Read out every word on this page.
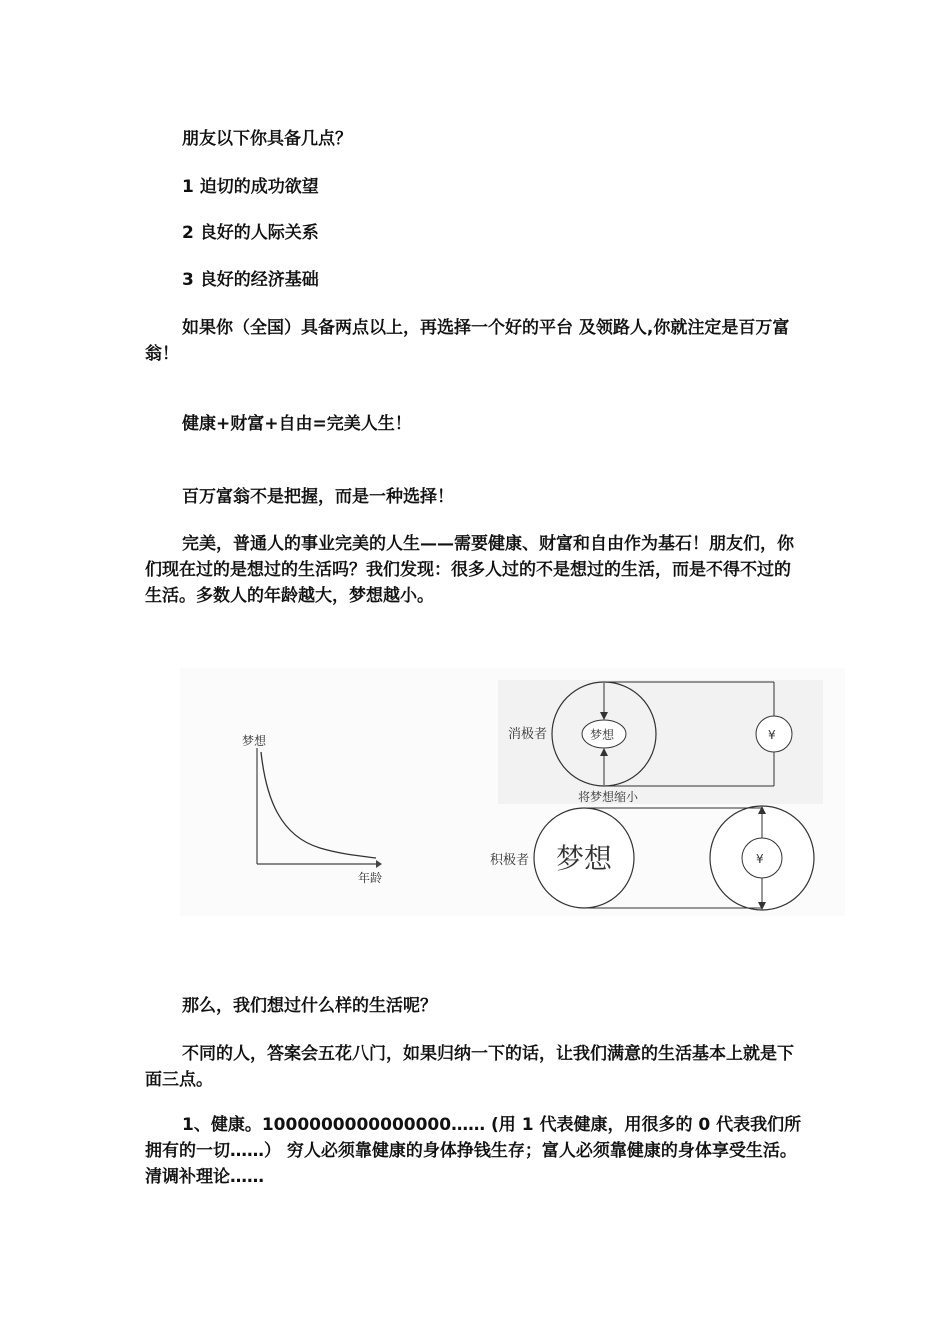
朋友以下你具备几点？

1 迫切的成功欲望

2 良好的人际关系

3 良好的经济基础

如果你（全国）具备两点以上，再选择一个好的平台 及领路人,你就注定是百万富翁！

健康+财富+自由=完美人生！

百万富翁不是把握，而是一种选择！

完美，普通人的事业完美的人生——需要健康、财富和自由作为基石！朋友们，你们现在过的是想过的生活吗？我们发现：很多人过的不是想过的生活，而是不得不过的生活。多数人的年龄越大，梦想越小。

梦想
年龄
消极者	梦想	¥
将梦想缩小
积极者 梦想	¥

那么，我们想过什么样的生活呢？

不同的人，答案会五花八门，如果归纳一下的话，让我们满意的生活基本上就是下面三点。

1、健康。1000000000000000…… (用 1 代表健康，用很多的 0 代表我们所拥有的一切……） 穷人必须靠健康的身体挣钱生存；富人必须靠健康的身体享受生活。清调补理论……
